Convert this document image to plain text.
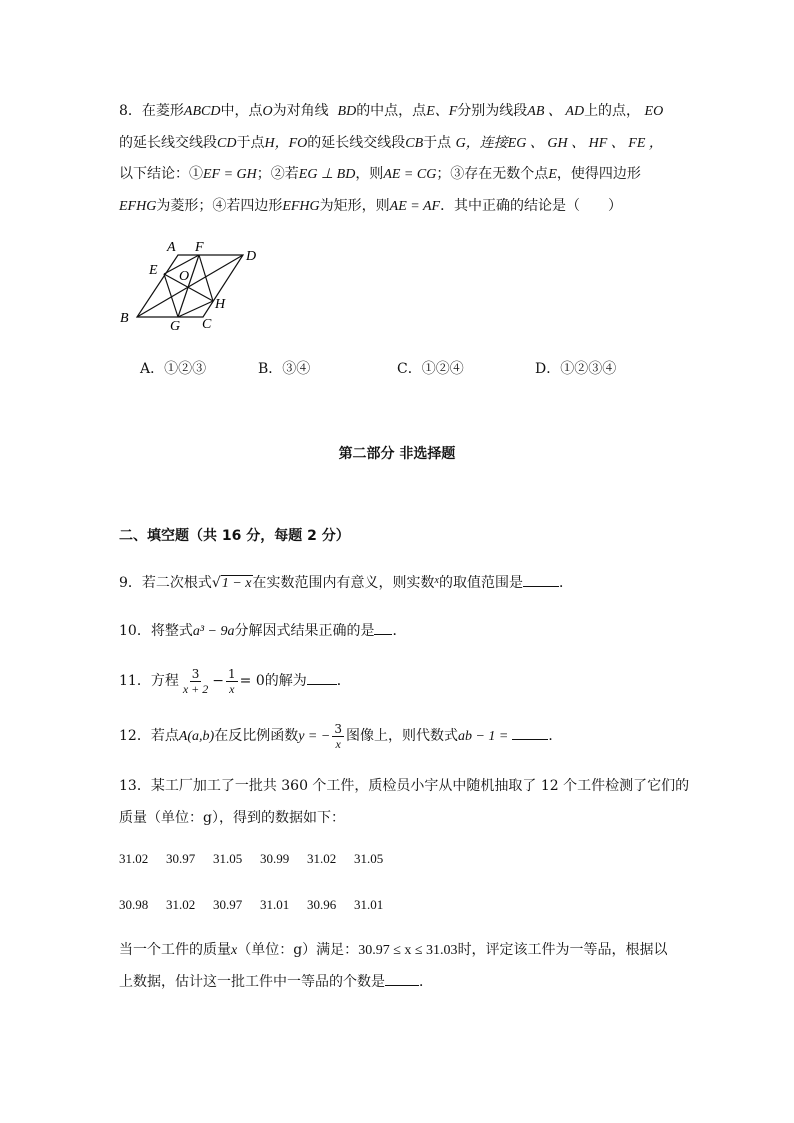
8．在菱形ABCD中，点O为对角线 BD的中点，点E、F分别为线段AB 、 AD上的点， EO
的延长线交线段CD于点H，FO的延长线交线段CB于点 G，连接EG 、 GH 、 HF 、 FE ，
以下结论：①EF = GH；②若EG ⊥ BD，则AE = CG；③存在无数个点E，使得四边形
EFHG为菱形；④若四边形EFHG为矩形，则AE = AF．其中正确的结论是（　　）
A F
D
E O
H
B
G C
A．①②③	B．③④	C．①②④	D．①②③④
第二部分 非选择题
二、填空题（共 16 分，每题 2 分）
9．若二次根式√1 − x在实数范围内有意义，则实数$^x$的取值范围是	．
10．将整式a³ − 9a分解因式结果正确的是 ．
11．方程 $\frac{3}{x + 2} - \frac{1}{x} = 0$的解为 ．
12．若点A(a,b)在反比例函数y = − $\frac{3}{x}$ 图像上，则代数式ab − 1 =	．
13．某工厂加工了一批共 360 个工件，质检员小宇从中随机抽取了 12 个工件检测了它们的
质量（单位：g），得到的数据如下：
31.02 30.97 31.05 30.99 31.02 31.05
30.98 31.02 30.97 31.01 30.96 31.01
当一个工件的质量x（单位：g）满足：30.97 ≤ x ≤ 31.03时，评定该工件为一等品，根据以
上数据，估计这一批工件中一等品的个数是 ．
